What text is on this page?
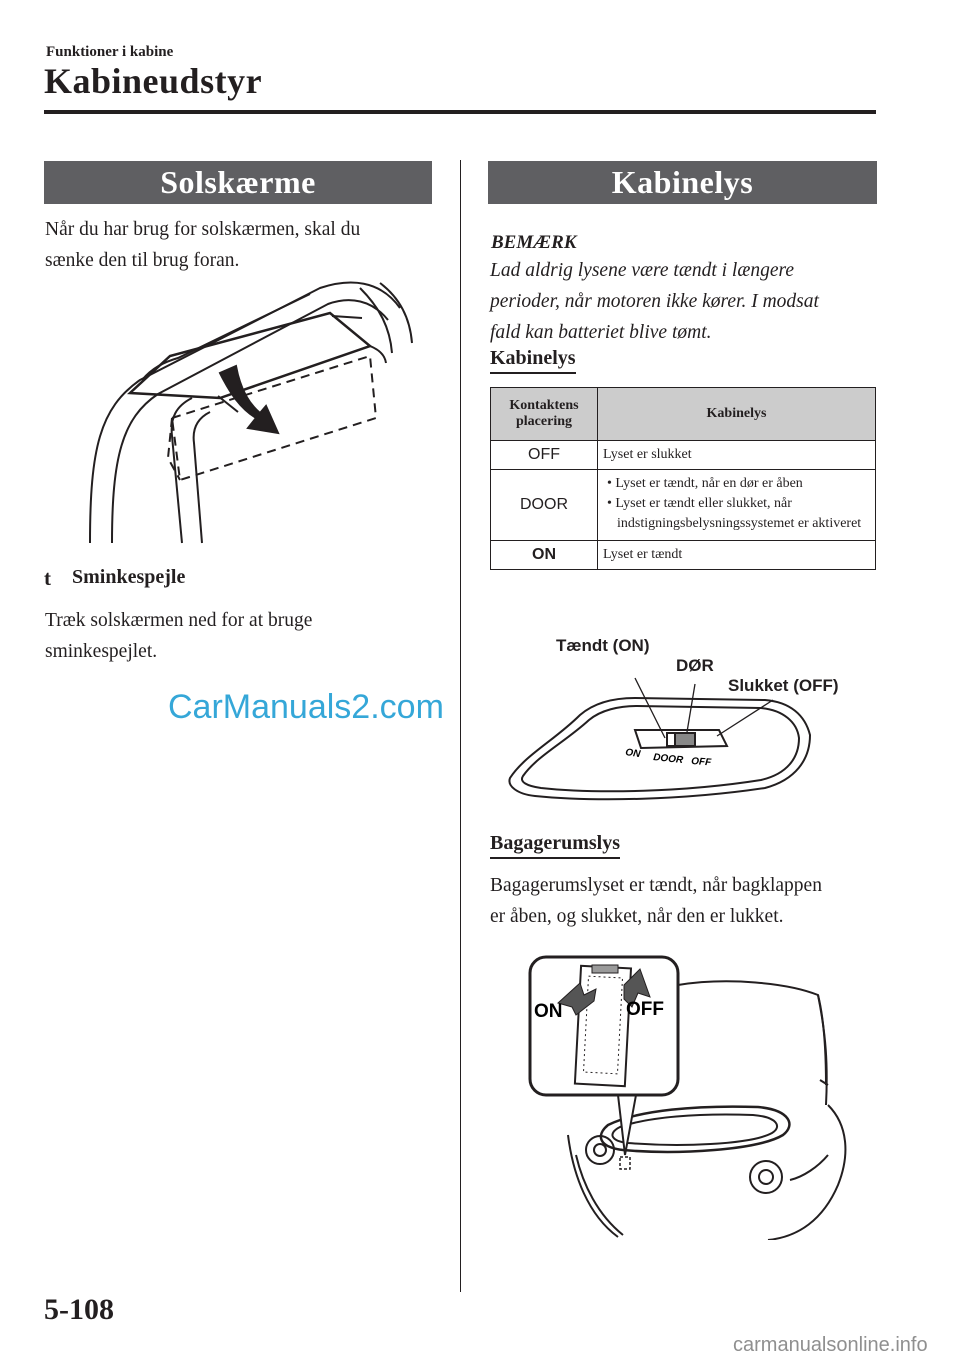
Funktioner i kabine
Kabineudstyr
Solskærme
Når du har brug for solskærmen, skal du
sænke den til brug foran.
t Sminkespejle
Træk solskærmen ned for at bruge
sminkespejlet.
CarManuals2.com
Kabinelys
BEMÆRK
Lad aldrig lysene være tændt i længere
perioder, når motoren ikke kører. I modsat
fald kan batteriet blive tømt.
Kabinelys
Kontaktens
placering	Kabinelys
OFF	Lyset er slukket
DOOR	• Lyset er tændt, når en dør er åben
• Lyset er tændt eller slukket, når indstigningsbelysningssystemet er aktiveret

ON	Lyset er tændt
Tændt (ON)
DØR
Slukket (OFF)
ON DOOR OFF
Bagagerumslys
Bagagerumslyset er tændt, når bagklappen
er åben, og slukket, når den er lukket.
ON	OFF
5-108
carmanualsonline.info
